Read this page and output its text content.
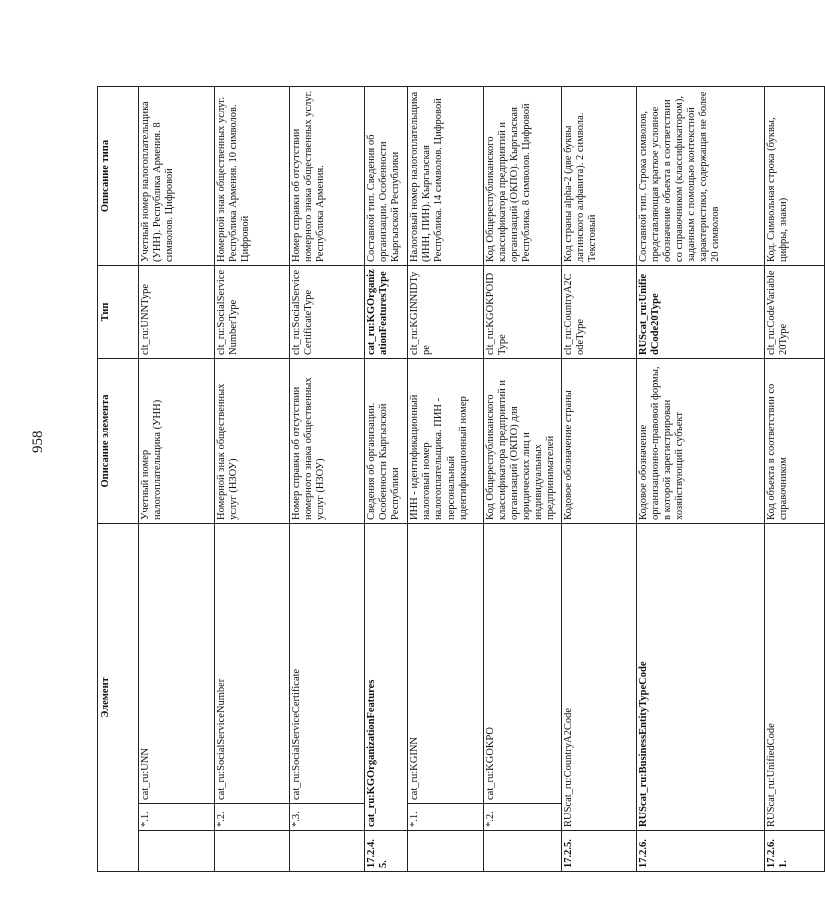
958
Элемент			Описание элемента	Тип	Описание типа	
	*.1.	cat_ru:UNN	Учетный номер налогоплательщика (УНН)	clt_ru:UNNType	Учетный номер налогоплательщика (УНН). Республика Армения. 8 символов. Цифровой	
	*.2.	cat_ru:SocialServiceNumber	Номерной знак общественных услуг (НЗОУ)	clt_ru:SocialServiceNumberType	Номерной знак общественных услуг. Республика Армения. 10 символов. Цифровой	
	*.3.	cat_ru:SocialServiceCertificate	Номер справки об отсутствии номерного знака общественных услуг (НЗОУ)	clt_ru:SocialServiceCertificateType	Номер справки об отсутствии номерного знака общественных услуг. Республика Армения.	
17.2.4.5.	cat_ru:KGOrganizationFeatures		Сведения об организации. Особенности Кыргызской Республики	cat_ru:KGOrganizationFeaturesType	Составной тип. Сведения об организации. Особенности Кыргызской Республики	
	*.1.	cat_ru:KGINN	ИНН - идентификационный налоговый номер налогоплательщика. ПИН - персональный идентификационный номер	clt_ru:KGINNIDType	Налоговый номер налогоплательщика (ИНН, ПИН). Кыргызская Республика. 14 символов. Цифровой	
	*.2.	cat_ru:KGOKPO	Код Общереспубликанского классификатора предприятий и организаций (ОКПО) для юридических лиц и индивидуальных предпринимателей	clt_ru:KGOKPOIDType	Код Общереспубликанского классификатора предприятий и организаций (ОКПО). Кыргызская Республика. 8 символов. Цифровой	
17.2.5.	RUScat_ru:CountryA2Code		Кодовое обозначение страны	clt_ru:CountryA2CodeType	Код страны alpha-2 (две буквы латинского алфавита). 2 символа. Текстовый	
17.2.6.	RUScat_ru:BusinessEntityTypeCode		Кодовое обозначение организационно-правовой формы, в которой зарегистрирован хозяйствующий субъект	RUScat_ru:UnifiedCode20Type	Составной тип. Строка символов, представляющая краткое условное обозначение объекта в соответствии со справочником (классификатором), заданным с помощью контекстной характеристики, содержащая не более 20 символов	
17.2.6.1.	RUScat_ru:UnifiedCode		Код объекта в соответствии со справочником	clt_ru:CodeVariable20Type	Код. Символьная строка (буквы, цифры, знаки)	
